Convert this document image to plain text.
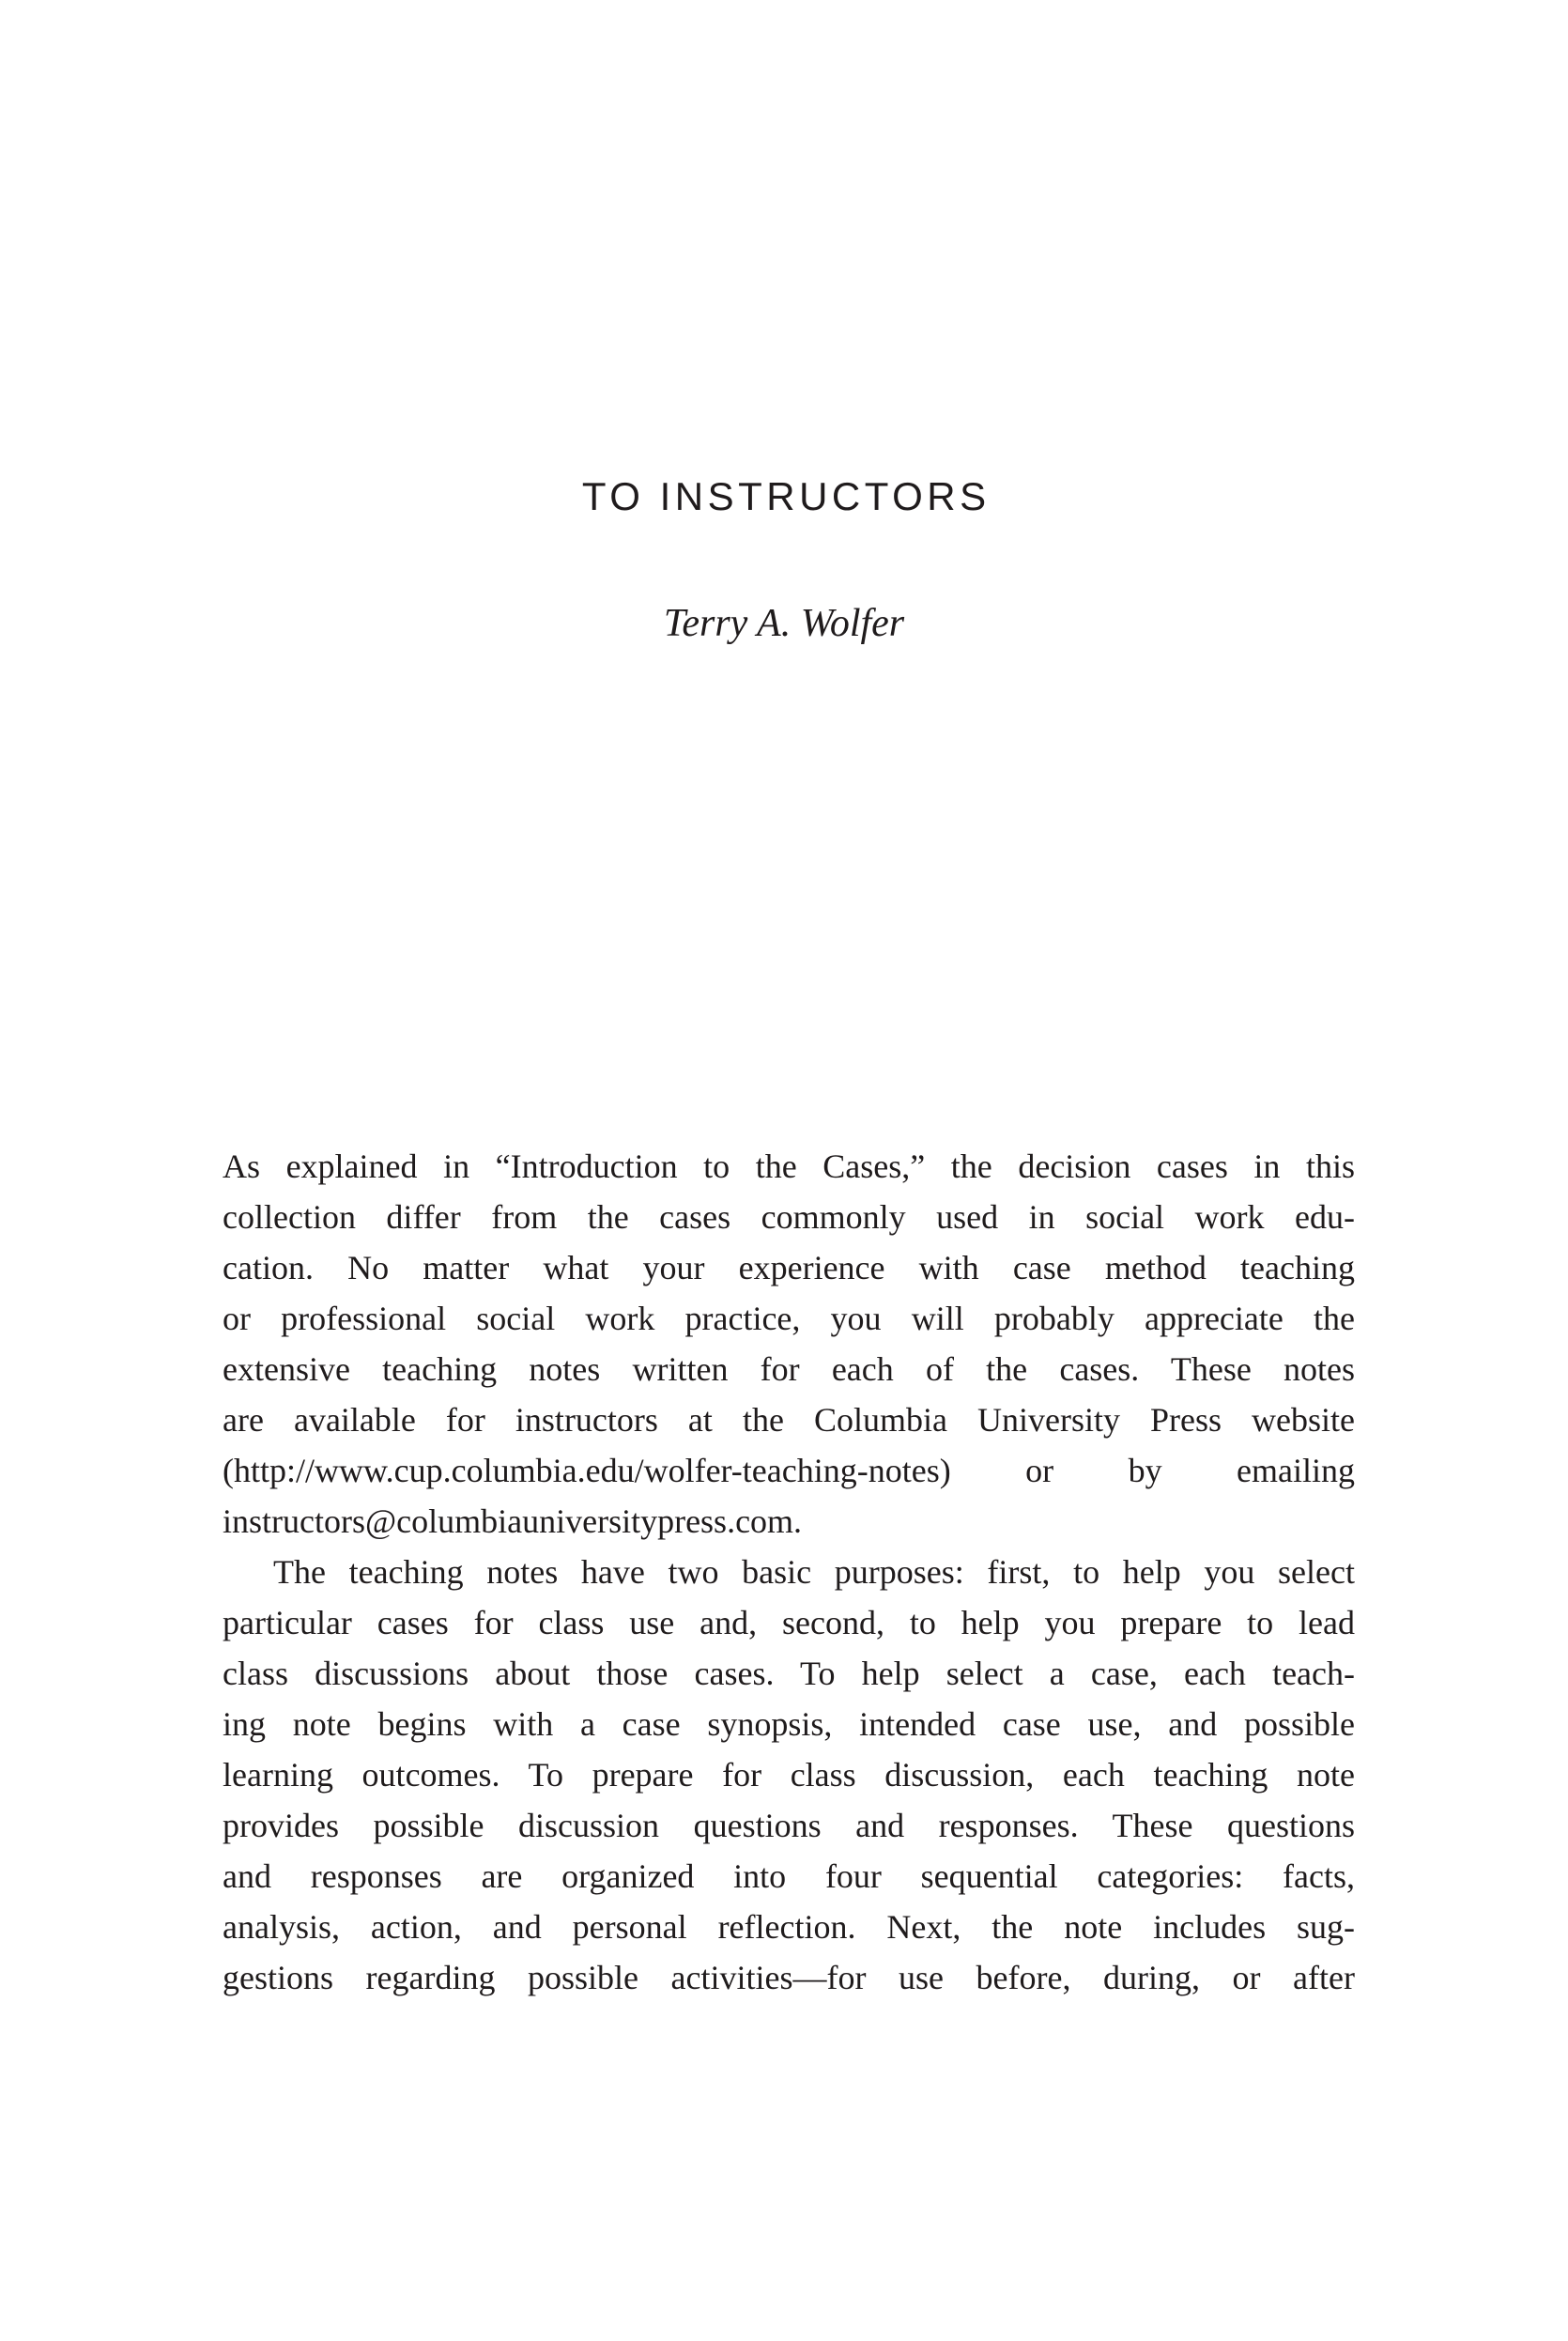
TO INSTRUCTORS
Terry A. Wolfer
As explained in “Introduction to the Cases,” the decision cases in this
collection differ from the cases commonly used in social work edu-
cation. No matter what your experience with case method teaching
or professional social work practice, you will probably appreciate the
extensive teaching notes written for each of the cases. These notes
are available for instructors at the Columbia University Press website
(http://www.cup.columbia.edu/wolfer-teaching-notes) or by emailing
instructors@columbiauniversitypress.com.
The teaching notes have two basic purposes: first, to help you select
particular cases for class use and, second, to help you prepare to lead
class discussions about those cases. To help select a case, each teach-
ing note begins with a case synopsis, intended case use, and possible
learning outcomes. To prepare for class discussion, each teaching note
provides possible discussion questions and responses. These questions
and responses are organized into four sequential categories: facts,
analysis, action, and personal reflection. Next, the note includes sug-
gestions regarding possible activities—for use before, during, or after
